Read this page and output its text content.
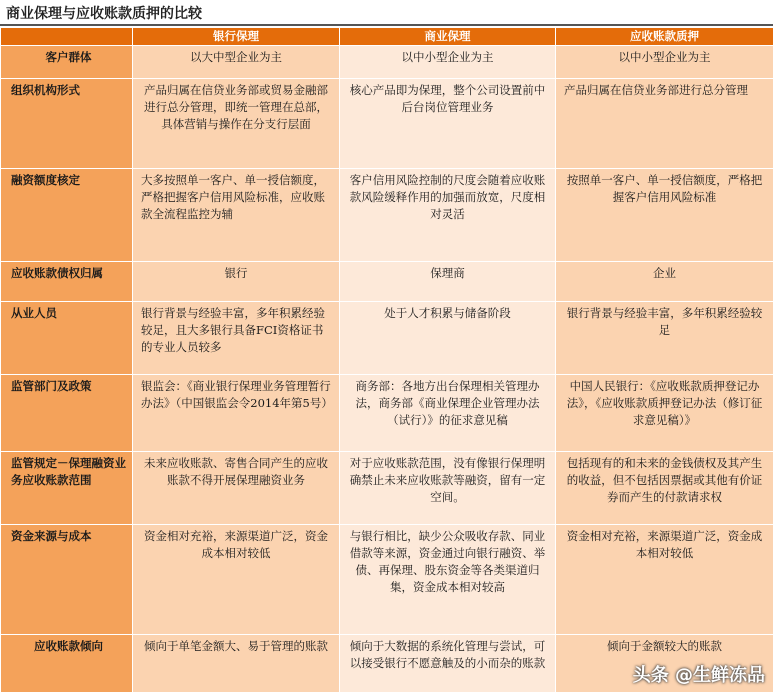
商业保理与应收账款质押的比较
	银行保理	商业保理	应收账款质押
客户群体	以大中型企业为主	以中小型企业为主	以中小型企业为主
组织机构形式	产品归属在信贷业务部或贸易金融部进行总分管理，即统一管理在总部，具体营销与操作在分支行层面	核心产品即为保理，整个公司设置前中后台岗位管理业务	产品归属在信贷业务部进行总分管理
融资额度核定	大多按照单一客户、单一授信额度，严格把握客户信用风险标准，应收账款全流程监控为辅	客户信用风险控制的尺度会随着应收账款风险缓释作用的加强而放宽，尺度相对灵活	按照单一客户、单一授信额度，严格把握客户信用风险标准
应收账款债权归属	银行	保理商	企业
从业人员	银行背景与经验丰富，多年积累经验较足，且大多银行具备FCI资格证书的专业人员较多	处于人才积累与储备阶段	银行背景与经验丰富，多年积累经验较足
监管部门及政策	银监会：《商业银行保理业务管理暂行办法》（中国银监会令2014年第5号）	商务部：各地方出台保理相关管理办法，商务部《商业保理企业管理办法（试行）》的征求意见稿	中国人民银行：《应收账款质押登记办法》，《应收账款质押登记办法（修订征求意见稿）》
监管规定－保理融资业务应收账款范围	未来应收账款、寄售合同产生的应收账款不得开展保理融资业务	对于应收账款范围，没有像银行保理明确禁止未来应收账款等融资，留有一定空间。	包括现有的和未来的金钱债权及其产生的收益，但不包括因票据或其他有价证券而产生的付款请求权
资金来源与成本	资金相对充裕，来源渠道广泛，资金成本相对较低	与银行相比，缺少公众吸收存款、同业借款等来源，资金通过向银行融资、举债、再保理、股东资金等各类渠道归集，资金成本相对较高	资金相对充裕，来源渠道广泛，资金成本相对较低
应收账款倾向	倾向于单笔金额大、易于管理的账款	倾向于大数据的系统化管理与尝试，可以接受银行不愿意触及的小而杂的账款	倾向于金额较大的账款
头条 @生鲜冻品
